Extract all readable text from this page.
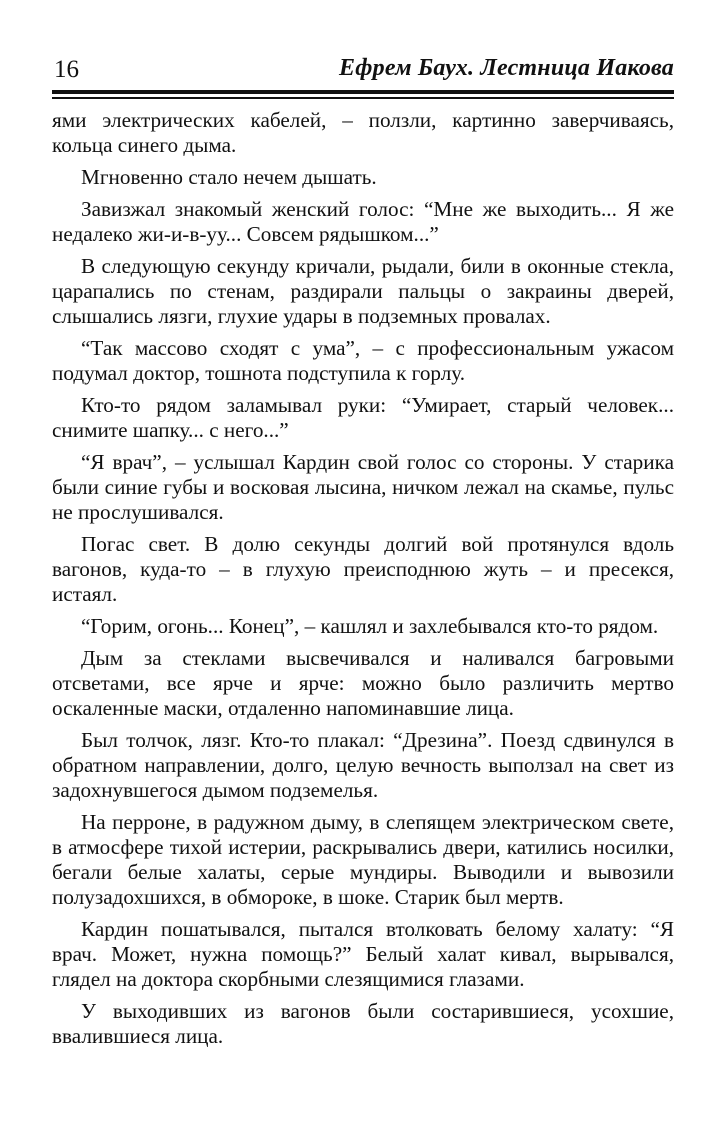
16	Ефрем Баух. Лестница Иакова

ями электрических кабелей, – ползли, картинно заверчиваясь, кольца синего дыма.

Мгновенно стало нечем дышать.

Завизжал знакомый женский голос: “Мне же выходить... Я же недалеко жи-и-в-уу... Совсем рядышком...”

В следующую секунду кричали, рыдали, били в оконные стекла, царапались по стенам, раздирали пальцы о закраины дверей, слышались лязги, глухие удары в подземных провалах.

“Так массово сходят с ума”, – с профессиональным ужасом подумал доктор, тошнота подступила к горлу.

Кто-то рядом заламывал руки: “Умирает, старый человек... снимите шапку... с него...”

“Я врач”, – услышал Кардин свой голос со стороны. У старика были синие губы и восковая лысина, ничком лежал на скамье, пульс не прослушивался.

Погас свет. В долю секунды долгий вой протянулся вдоль вагонов, куда-то – в глухую преисподнюю жуть – и пресекся, истаял.

“Горим, огонь... Конец”, – кашлял и захлебывался кто-то рядом.

Дым за стеклами высвечивался и наливался багровыми отсветами, все ярче и ярче: можно было различить мертво оскаленные маски, отдаленно напоминавшие лица.

Был толчок, лязг. Кто-то плакал: “Дрезина”. Поезд сдвинулся в обратном направлении, долго, целую вечность выползал на свет из задохнувшегося дымом подземелья.

На перроне, в радужном дыму, в слепящем электрическом свете, в атмосфере тихой истерии, раскрывались двери, катились носилки, бегали белые халаты, серые мундиры. Выводили и вывозили полузадохшихся, в обмороке, в шоке. Старик был мертв.

Кардин пошатывался, пытался втолковать белому халату: “Я врач. Может, нужна помощь?” Белый халат кивал, вырывался, глядел на доктора скорбными слезящимися глазами.

У выходивших из вагонов были состарившиеся, усохшие, ввалившиеся лица.
